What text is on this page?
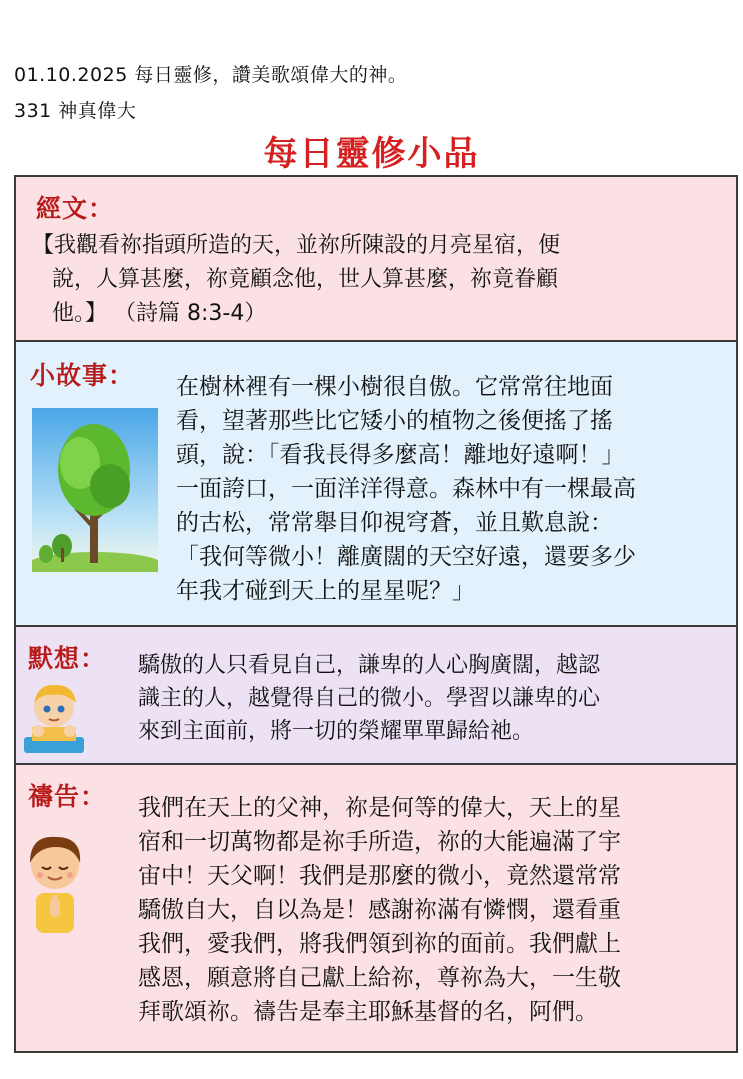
01.10.2025 每日靈修，讚美歌頌偉大的神。
331 神真偉大
每日靈修小品
經文：
【我觀看祢指頭所造的天，並祢所陳設的月亮星宿，便
說，人算甚麼，祢竟顧念他，世人算甚麼，祢竟眷顧
他。】 （詩篇 8:3-4）
小故事： 在樹林裡有一棵小樹很自傲。它常常往地面
看，望著那些比它矮小的植物之後便搖了搖
頭，說：「看我長得多麼高！離地好遠啊！」
一面誇口，一面洋洋得意。森林中有一棵最高
的古松，常常舉目仰視穹蒼，並且歎息說：
「我何等微小！離廣闊的天空好遠，還要多少
年我才碰到天上的星星呢？」
默想： 驕傲的人只看見自己，謙卑的人心胸廣闊，越認
識主的人，越覺得自己的微小。學習以謙卑的心
來到主面前，將一切的榮耀單單歸給祂。
禱告： 我們在天上的父神，祢是何等的偉大，天上的星
宿和一切萬物都是祢手所造，祢的大能遍滿了宇
宙中！天父啊！我們是那麼的微小，竟然還常常
驕傲自大，自以為是！感謝祢滿有憐憫，還看重
我們，愛我們，將我們領到祢的面前。我們獻上
感恩，願意將自己獻上給祢，尊祢為大，一生敬
拜歌頌祢。禱告是奉主耶穌基督的名，阿們。
